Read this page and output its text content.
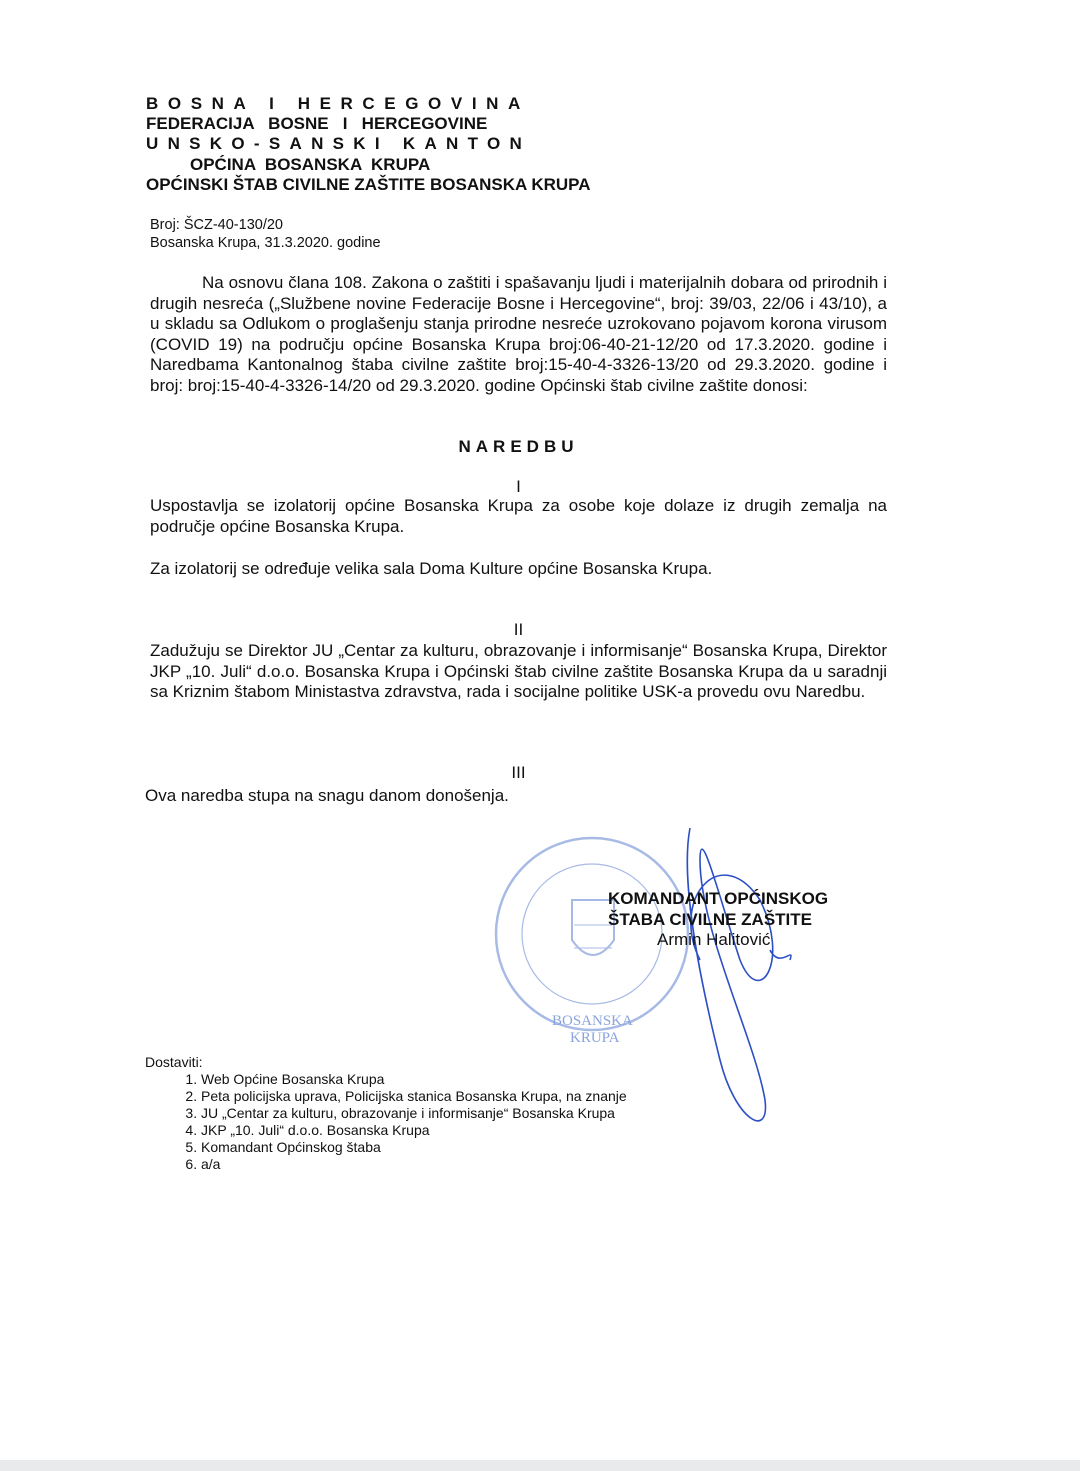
BOSNA I HERCEGOVINA
FEDERACIJA   BOSNE   I   HERCEGOVINE
UNSKO-SANSKI KANTON
OPĆINA  BOSANSKA  KRUPA
OPĆINSKI ŠTAB CIVILNE ZAŠTITE BOSANSKA KRUPA
Broj: ŠCZ-40-130/20
Bosanska Krupa, 31.3.2020. godine

Na osnovu člana 108. Zakona o zaštiti i spašavanju ljudi i materijalnih dobara od prirodnih i drugih nesreća („Službene novine Federacije Bosne i Hercegovine“, broj: 39/03, 22/06 i 43/10), a u skladu sa Odlukom o proglašenju stanja prirodne nesreće uzrokovano pojavom korona virusom (COVID 19) na području općine Bosanska Krupa broj:06-40-21-12/20 od 17.3.2020. godine i Naredbama Kantonalnog štaba civilne zaštite broj:15-40-4-3326-13/20 od 29.3.2020. godine i broj: broj:15-40-4-3326-14/20 od 29.3.2020. godine Općinski štab civilne zaštite donosi:

NAREDBU
I

Uspostavlja se izolatorij općine Bosanska Krupa za osobe koje dolaze iz drugih zemalja na područje općine Bosanska Krupa.

Za izolatorij se određuje velika sala Doma Kulture općine Bosanska Krupa.

II

Zadužuju se Direktor JU „Centar za kulturu, obrazovanje i informisanje“ Bosanska Krupa, Direktor JKP „10. Juli“ d.o.o. Bosanska Krupa i Općinski štab civilne zaštite Bosanska Krupa da u saradnji sa Kriznim štabom Ministastva zdravstva, rada i socijalne politike USK-a provedu ovu Naredbu.

III

Ova naredba stupa na snagu danom donošenja.

BOSANSKA
KRUPA
KOMANDANT OPĆINSKOG
ŠTABA CIVILNE ZAŠTITE
Armin Halitović
Dostaviti:
1. Web Općine Bosanska Krupa
2. Peta policijska uprava, Policijska stanica Bosanska Krupa, na znanje
3. JU „Centar za kulturu, obrazovanje i informisanje“ Bosanska Krupa
4. JKP „10. Juli“ d.o.o. Bosanska Krupa
5. Komandant Općinskog štaba
6. a/a
